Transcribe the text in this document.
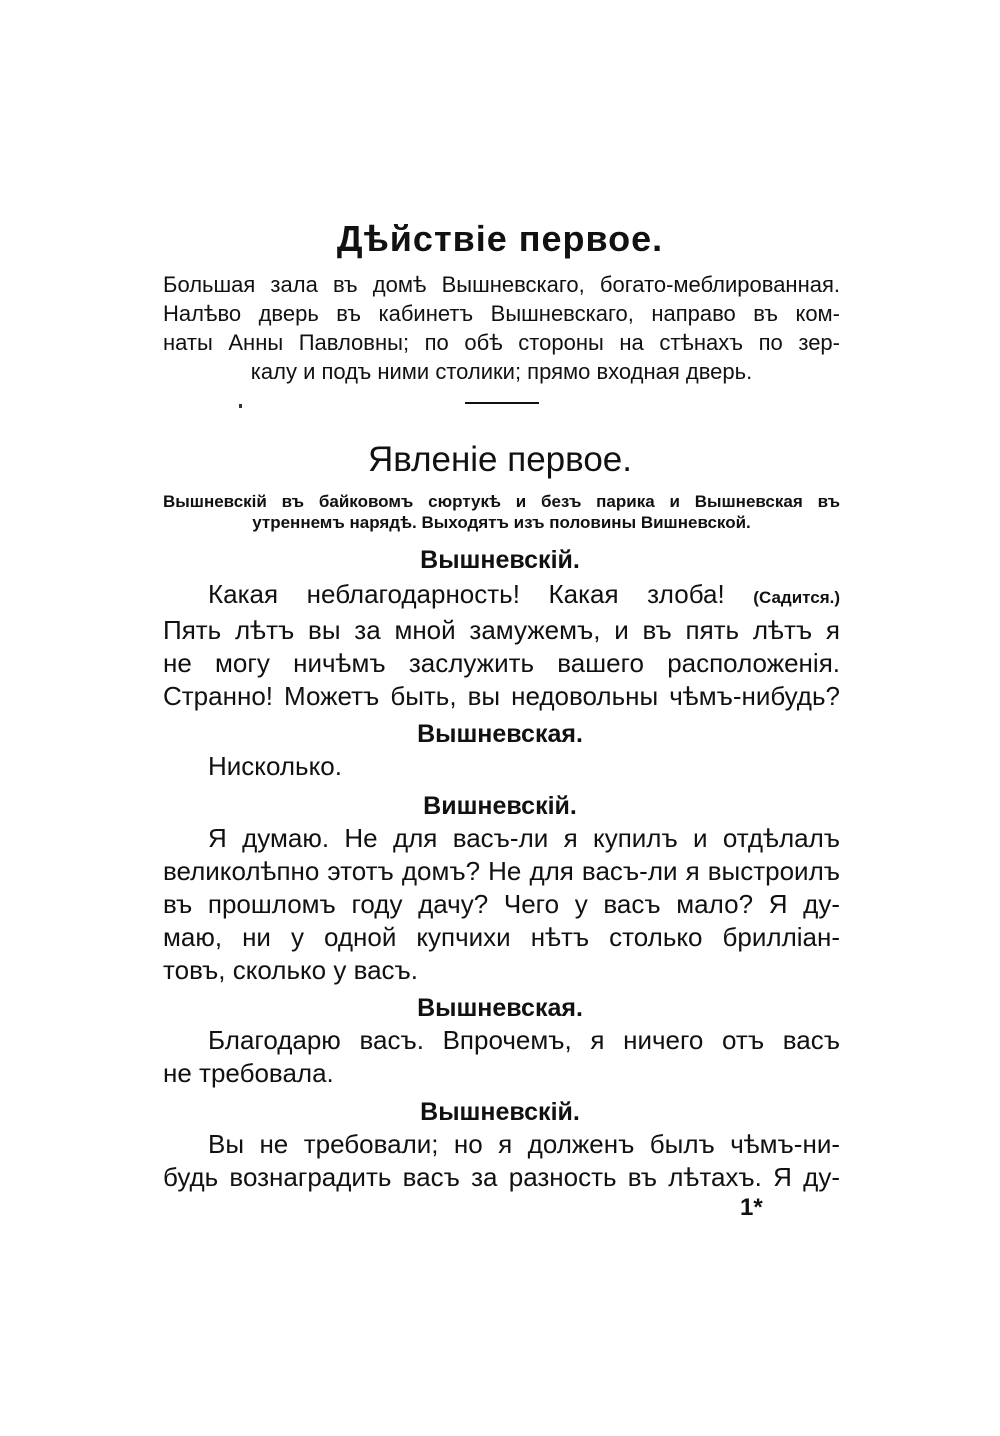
Дѣйствіе первое.
Большая зала въ домѣ Вышневскаго, богато-меблированная.
Налѣво дверь въ кабинетъ Вышневскаго, направо въ ком-
наты Анны Павловны; по обѣ стороны на стѣнахъ по зер-
калу и подъ ними столики; прямо входная дверь.
Явленіе первое.
Вышневскій въ байковомъ сюртукѣ и безъ парика и Вышневская въ
утреннемъ нарядѣ. Выходятъ изъ половины Вишневской.
Вышневскій.
Какая неблагодарность! Какая злоба! (Садится.)
Пять лѣтъ вы за мной замужемъ, и въ пять лѣтъ я
не могу ничѣмъ заслужить вашего расположенія.
Странно! Можетъ быть, вы недовольны чѣмъ-нибудь?
Вышневская.
Нисколько.
Вишневскій.
Я думаю. Не для васъ-ли я купилъ и отдѣлалъ
великолѣпно этотъ домъ? Не для васъ-ли я выстроилъ
въ прошломъ году дачу? Чего у васъ мало? Я ду-
маю, ни у одной купчихи нѣтъ столько брилліан-
товъ, сколько у васъ.
Вышневская.
Благодарю васъ. Впрочемъ, я ничего отъ васъ
не требовала.
Вышневскій.
Вы не требовали; но я долженъ былъ чѣмъ-ни-
будь вознаградить васъ за разность въ лѣтахъ. Я ду-
1*
